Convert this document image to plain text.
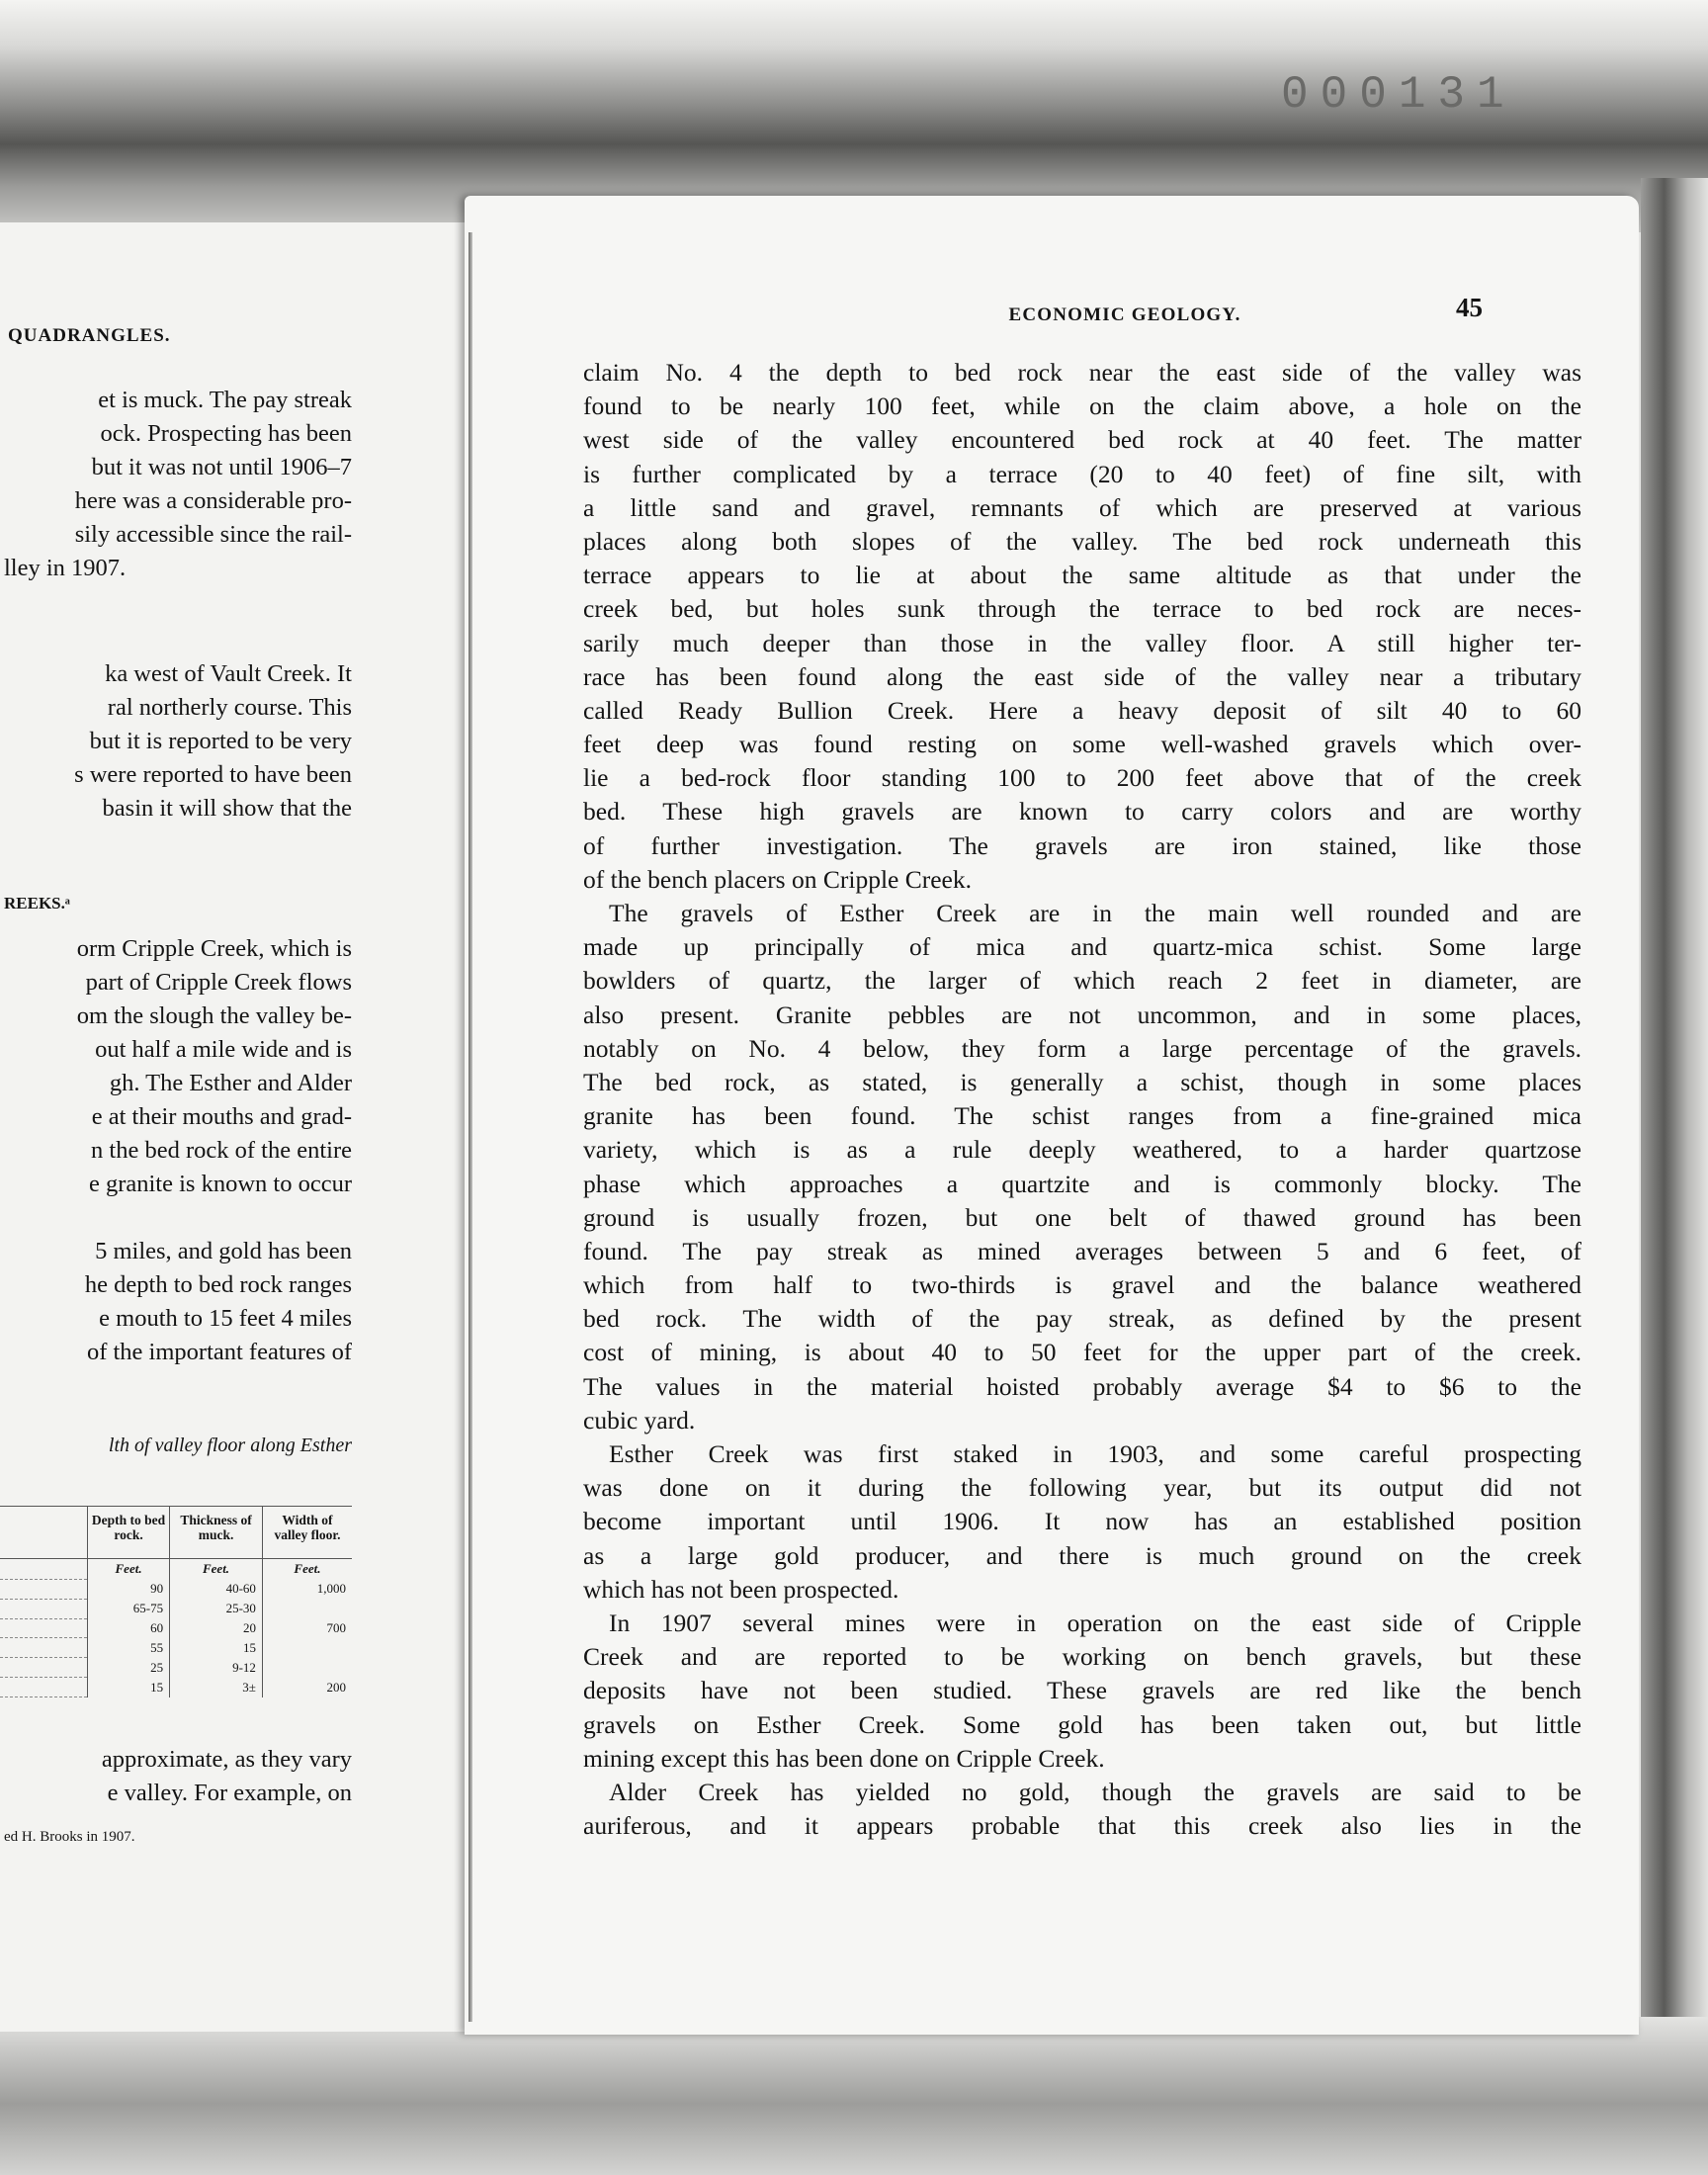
000131
QUADRANGLES.
et is muck. The pay streak
ock. Prospecting has been
but it was not until 1906–7
here was a considerable pro-
sily accessible since the rail-
lley in 1907.
ka west of Vault Creek. It
ral northerly course. This
but it is reported to be very
s were reported to have been
basin it will show that the
REEKS.ᵃ
orm Cripple Creek, which is
part of Cripple Creek flows
om the slough the valley be-
out half a mile wide and is
gh. The Esther and Alder
e at their mouths and grad-
n the bed rock of the entire
e granite is known to occur
5 miles, and gold has been
he depth to bed rock ranges
e mouth to 15 feet 4 miles
of the important features of
lth of valley floor along Esther
	Depth to bed rock.	Thickness of muck.	Width of valley floor.
	Feet.	Feet.	Feet.
	90	40-60	1,000
	65-75	25-30	
	60	20	700
	55	15	
	25	9-12	
	15	3±	200
approximate, as they vary
e valley. For example, on
ed H. Brooks in 1907.
ECONOMIC GEOLOGY.	45
claim No. 4 the depth to bed rock near the east side of the valley was
found to be nearly 100 feet, while on the claim above, a hole on the
west side of the valley encountered bed rock at 40 feet. The matter
is further complicated by a terrace (20 to 40 feet) of fine silt, with
a little sand and gravel, remnants of which are preserved at various
places along both slopes of the valley. The bed rock underneath this
terrace appears to lie at about the same altitude as that under the
creek bed, but holes sunk through the terrace to bed rock are neces-
sarily much deeper than those in the valley floor. A still higher ter-
race has been found along the east side of the valley near a tributary
called Ready Bullion Creek. Here a heavy deposit of silt 40 to 60
feet deep was found resting on some well-washed gravels which over-
lie a bed-rock floor standing 100 to 200 feet above that of the creek
bed. These high gravels are known to carry colors and are worthy
of further investigation. The gravels are iron stained, like those
of the bench placers on Cripple Creek.
The gravels of Esther Creek are in the main well rounded and are
made up principally of mica and quartz-mica schist. Some large
bowlders of quartz, the larger of which reach 2 feet in diameter, are
also present. Granite pebbles are not uncommon, and in some places,
notably on No. 4 below, they form a large percentage of the gravels.
The bed rock, as stated, is generally a schist, though in some places
granite has been found. The schist ranges from a fine-grained mica
variety, which is as a rule deeply weathered, to a harder quartzose
phase which approaches a quartzite and is commonly blocky. The
ground is usually frozen, but one belt of thawed ground has been
found. The pay streak as mined averages between 5 and 6 feet, of
which from half to two-thirds is gravel and the balance weathered
bed rock. The width of the pay streak, as defined by the present
cost of mining, is about 40 to 50 feet for the upper part of the creek.
The values in the material hoisted probably average $4 to $6 to the
cubic yard.
Esther Creek was first staked in 1903, and some careful prospecting
was done on it during the following year, but its output did not
become important until 1906. It now has an established position
as a large gold producer, and there is much ground on the creek
which has not been prospected.
In 1907 several mines were in operation on the east side of Cripple
Creek and are reported to be working on bench gravels, but these
deposits have not been studied. These gravels are red like the bench
gravels on Esther Creek. Some gold has been taken out, but little
mining except this has been done on Cripple Creek.
Alder Creek has yielded no gold, though the gravels are said to be
auriferous, and it appears probable that this creek also lies in the
